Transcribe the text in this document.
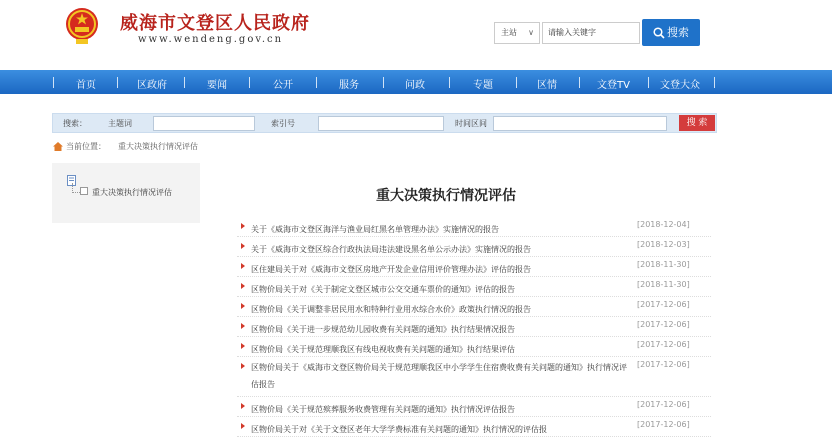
威海市文登区人民政府
www.wendeng.gov.cn
主站 ∨	请输入关键字	搜索
首页	区政府	要闻	公开	服务	问政	专题	区情	文登TV	文登大众
搜索：	主题词	索引号	时间区间	搜 索
当前位置： 重大决策执行情况评估
重大决策执行情况评估	重大决策执行情况评估
关于《威海市文登区海洋与渔业局红黑名单管理办法》实施情况的报告
[2018-12-04]
关于《威海市文登区综合行政执法局违法建设黑名单公示办法》实施情况的报告
[2018-12-03]
区住建局关于对《威海市文登区房地产开发企业信用评价管理办法》评估的报告
[2018-11-30]
区物价局关于对《关于制定文登区城市公交交通车票价的通知》评估的报告
[2018-11-30]
区物价局《关于调整非居民用水和特种行业用水综合水价》政策执行情况的报告
[2017-12-06]
区物价局《关于进一步规范幼儿园收费有关问题的通知》执行结果情况报告
[2017-12-06]
区物价局《关于规范理顺我区有线电视收费有关问题的通知》执行结果评估
[2017-12-06]
区物价局关于《威海市文登区物价局关于规范理顺我区中小学学生住宿费收费有关问题的通知》执行情况评估报告
[2017-12-06]
区物价局《关于规范殡葬服务收费管理有关问题的通知》执行情况评估报告
[2017-12-06]
区物价局关于对《关于文登区老年大学学费标准有关问题的通知》执行情况的评估报
[2017-12-06]
